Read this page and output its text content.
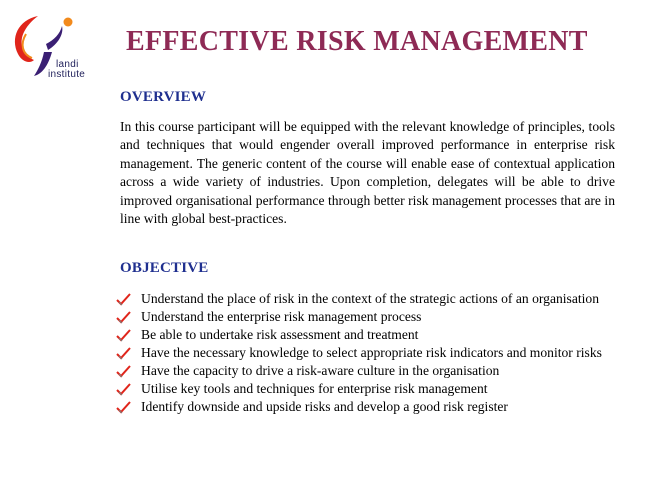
landi
institute
EFFECTIVE RISK MANAGEMENT
OVERVIEW

In this course participant will be equipped with the relevant knowledge of principles, tools and techniques that would engender overall improved performance in enterprise risk management. The generic content of the course will enable ease of contextual application across a wide variety of industries. Upon completion, delegates will be able to drive improved organisational performance through better risk management processes that are in line with global best-practices.

OBJECTIVE
Understand the place of risk in the context of the strategic actions of an organisation
Understand the enterprise risk management process
Be able to undertake risk assessment and treatment
Have the necessary knowledge to select appropriate risk indicators and monitor risks
Have the capacity to drive a risk-aware culture in the organisation
Utilise key tools and techniques for enterprise risk management
Identify downside and upside risks and develop a good risk register
